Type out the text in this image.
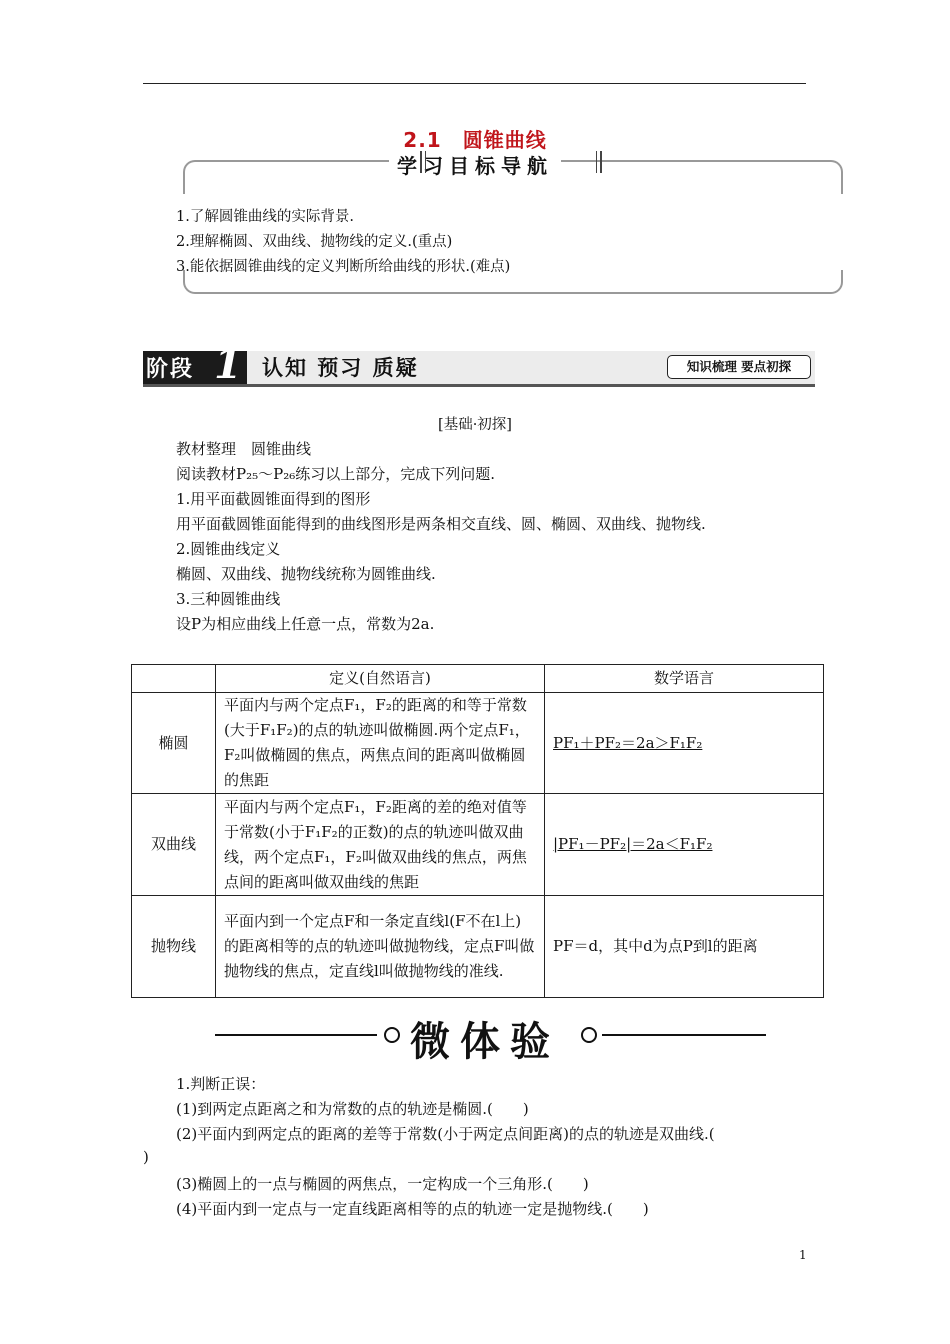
2.1　圆锥曲线
学习目标导航
1.了解圆锥曲线的实际背景.
2.理解椭圆、双曲线、抛物线的定义.(重点)
3.能依据圆锥曲线的定义判断所给曲线的形状.(难点)
阶段 1 认知 预习 质疑	知识梳理 要点初探
[基础·初探]
教材整理　圆锥曲线
阅读教材P₂₅～P₂₆练习以上部分，完成下列问题.
1.用平面截圆锥面得到的图形
用平面截圆锥面能得到的曲线图形是两条相交直线、圆、椭圆、双曲线、抛物线.
2.圆锥曲线定义
椭圆、双曲线、抛物线统称为圆锥曲线.
3.三种圆锥曲线
设P为相应曲线上任意一点，常数为2a.
	定义(自然语言)	数学语言
椭圆	平面内与两个定点F₁，F₂的距离的和等于常数(大于F₁F₂)的点的轨迹叫做椭圆.两个定点F₁，F₂叫做椭圆的焦点，两焦点间的距离叫做椭圆的焦距	PF₁＋PF₂＝2a＞F₁F₂
双曲线	平面内与两个定点F₁，F₂距离的差的绝对值等于常数(小于F₁F₂的正数)的点的轨迹叫做双曲线，两个定点F₁，F₂叫做双曲线的焦点，两焦点间的距离叫做双曲线的焦距	|PF₁－PF₂|＝2a＜F₁F₂
抛物线	平面内到一个定点F和一条定直线l(F不在l上)的距离相等的点的轨迹叫做抛物线，定点F叫做抛物线的焦点，定直线l叫做抛物线的准线.	PF＝d，其中d为点P到l的距离
微体验
1.判断正误：
(1)到两定点距离之和为常数的点的轨迹是椭圆.(　　)
(2)平面内到两定点的距离的差等于常数(小于两定点间距离)的点的轨迹是双曲线.(
)
(3)椭圆上的一点与椭圆的两焦点，一定构成一个三角形.(　　)
(4)平面内到一定点与一定直线距离相等的点的轨迹一定是抛物线.(　　)
1
